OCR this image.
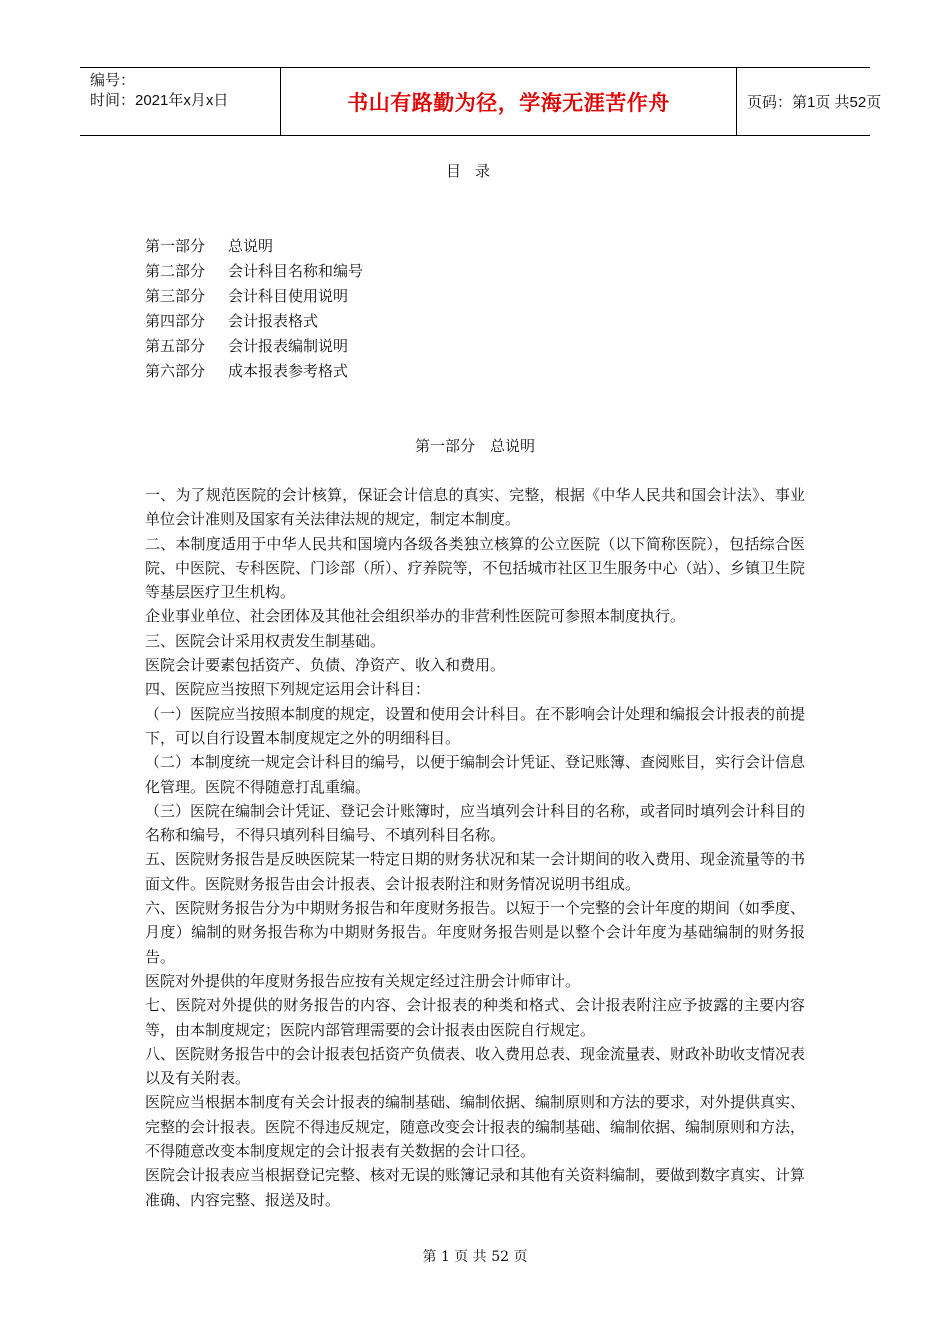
编号：
时间：2021年x月x日	书山有路勤为径，学海无涯苦作舟	页码：第1页 共52页
目录
第一部分 总说明
第二部分 会计科目名称和编号
第三部分 会计科目使用说明
第四部分 会计报表格式
第五部分 会计报表编制说明
第六部分 成本报表参考格式
第一部分　总说明

一、为了规范医院的会计核算，保证会计信息的真实、完整，根据《中华人民共和国会计法》、事业单位会计准则及国家有关法律法规的规定，制定本制度。

二、本制度适用于中华人民共和国境内各级各类独立核算的公立医院（以下简称医院），包括综合医院、中医院、专科医院、门诊部（所）、疗养院等，不包括城市社区卫生服务中心（站）、乡镇卫生院等基层医疗卫生机构。

企业事业单位、社会团体及其他社会组织举办的非营利性医院可参照本制度执行。

三、医院会计采用权责发生制基础。

医院会计要素包括资产、负债、净资产、收入和费用。

四、医院应当按照下列规定运用会计科目：

（一）医院应当按照本制度的规定，设置和使用会计科目。在不影响会计处理和编报会计报表的前提下，可以自行设置本制度规定之外的明细科目。

（二）本制度统一规定会计科目的编号，以便于编制会计凭证、登记账簿、查阅账目，实行会计信息化管理。医院不得随意打乱重编。

（三）医院在编制会计凭证、登记会计账簿时，应当填列会计科目的名称，或者同时填列会计科目的名称和编号，不得只填列科目编号、不填列科目名称。

五、医院财务报告是反映医院某一特定日期的财务状况和某一会计期间的收入费用、现金流量等的书面文件。医院财务报告由会计报表、会计报表附注和财务情况说明书组成。

六、医院财务报告分为中期财务报告和年度财务报告。以短于一个完整的会计年度的期间（如季度、月度）编制的财务报告称为中期财务报告。年度财务报告则是以整个会计年度为基础编制的财务报告。

医院对外提供的年度财务报告应按有关规定经过注册会计师审计。

七、医院对外提供的财务报告的内容、会计报表的种类和格式、会计报表附注应予披露的主要内容等，由本制度规定；医院内部管理需要的会计报表由医院自行规定。

八、医院财务报告中的会计报表包括资产负债表、收入费用总表、现金流量表、财政补助收支情况表以及有关附表。

医院应当根据本制度有关会计报表的编制基础、编制依据、编制原则和方法的要求，对外提供真实、完整的会计报表。医院不得违反规定，随意改变会计报表的编制基础、编制依据、编制原则和方法，不得随意改变本制度规定的会计报表有关数据的会计口径。

医院会计报表应当根据登记完整、核对无误的账簿记录和其他有关资料编制，要做到数字真实、计算准确、内容完整、报送及时。

第 1 页 共 52 页
